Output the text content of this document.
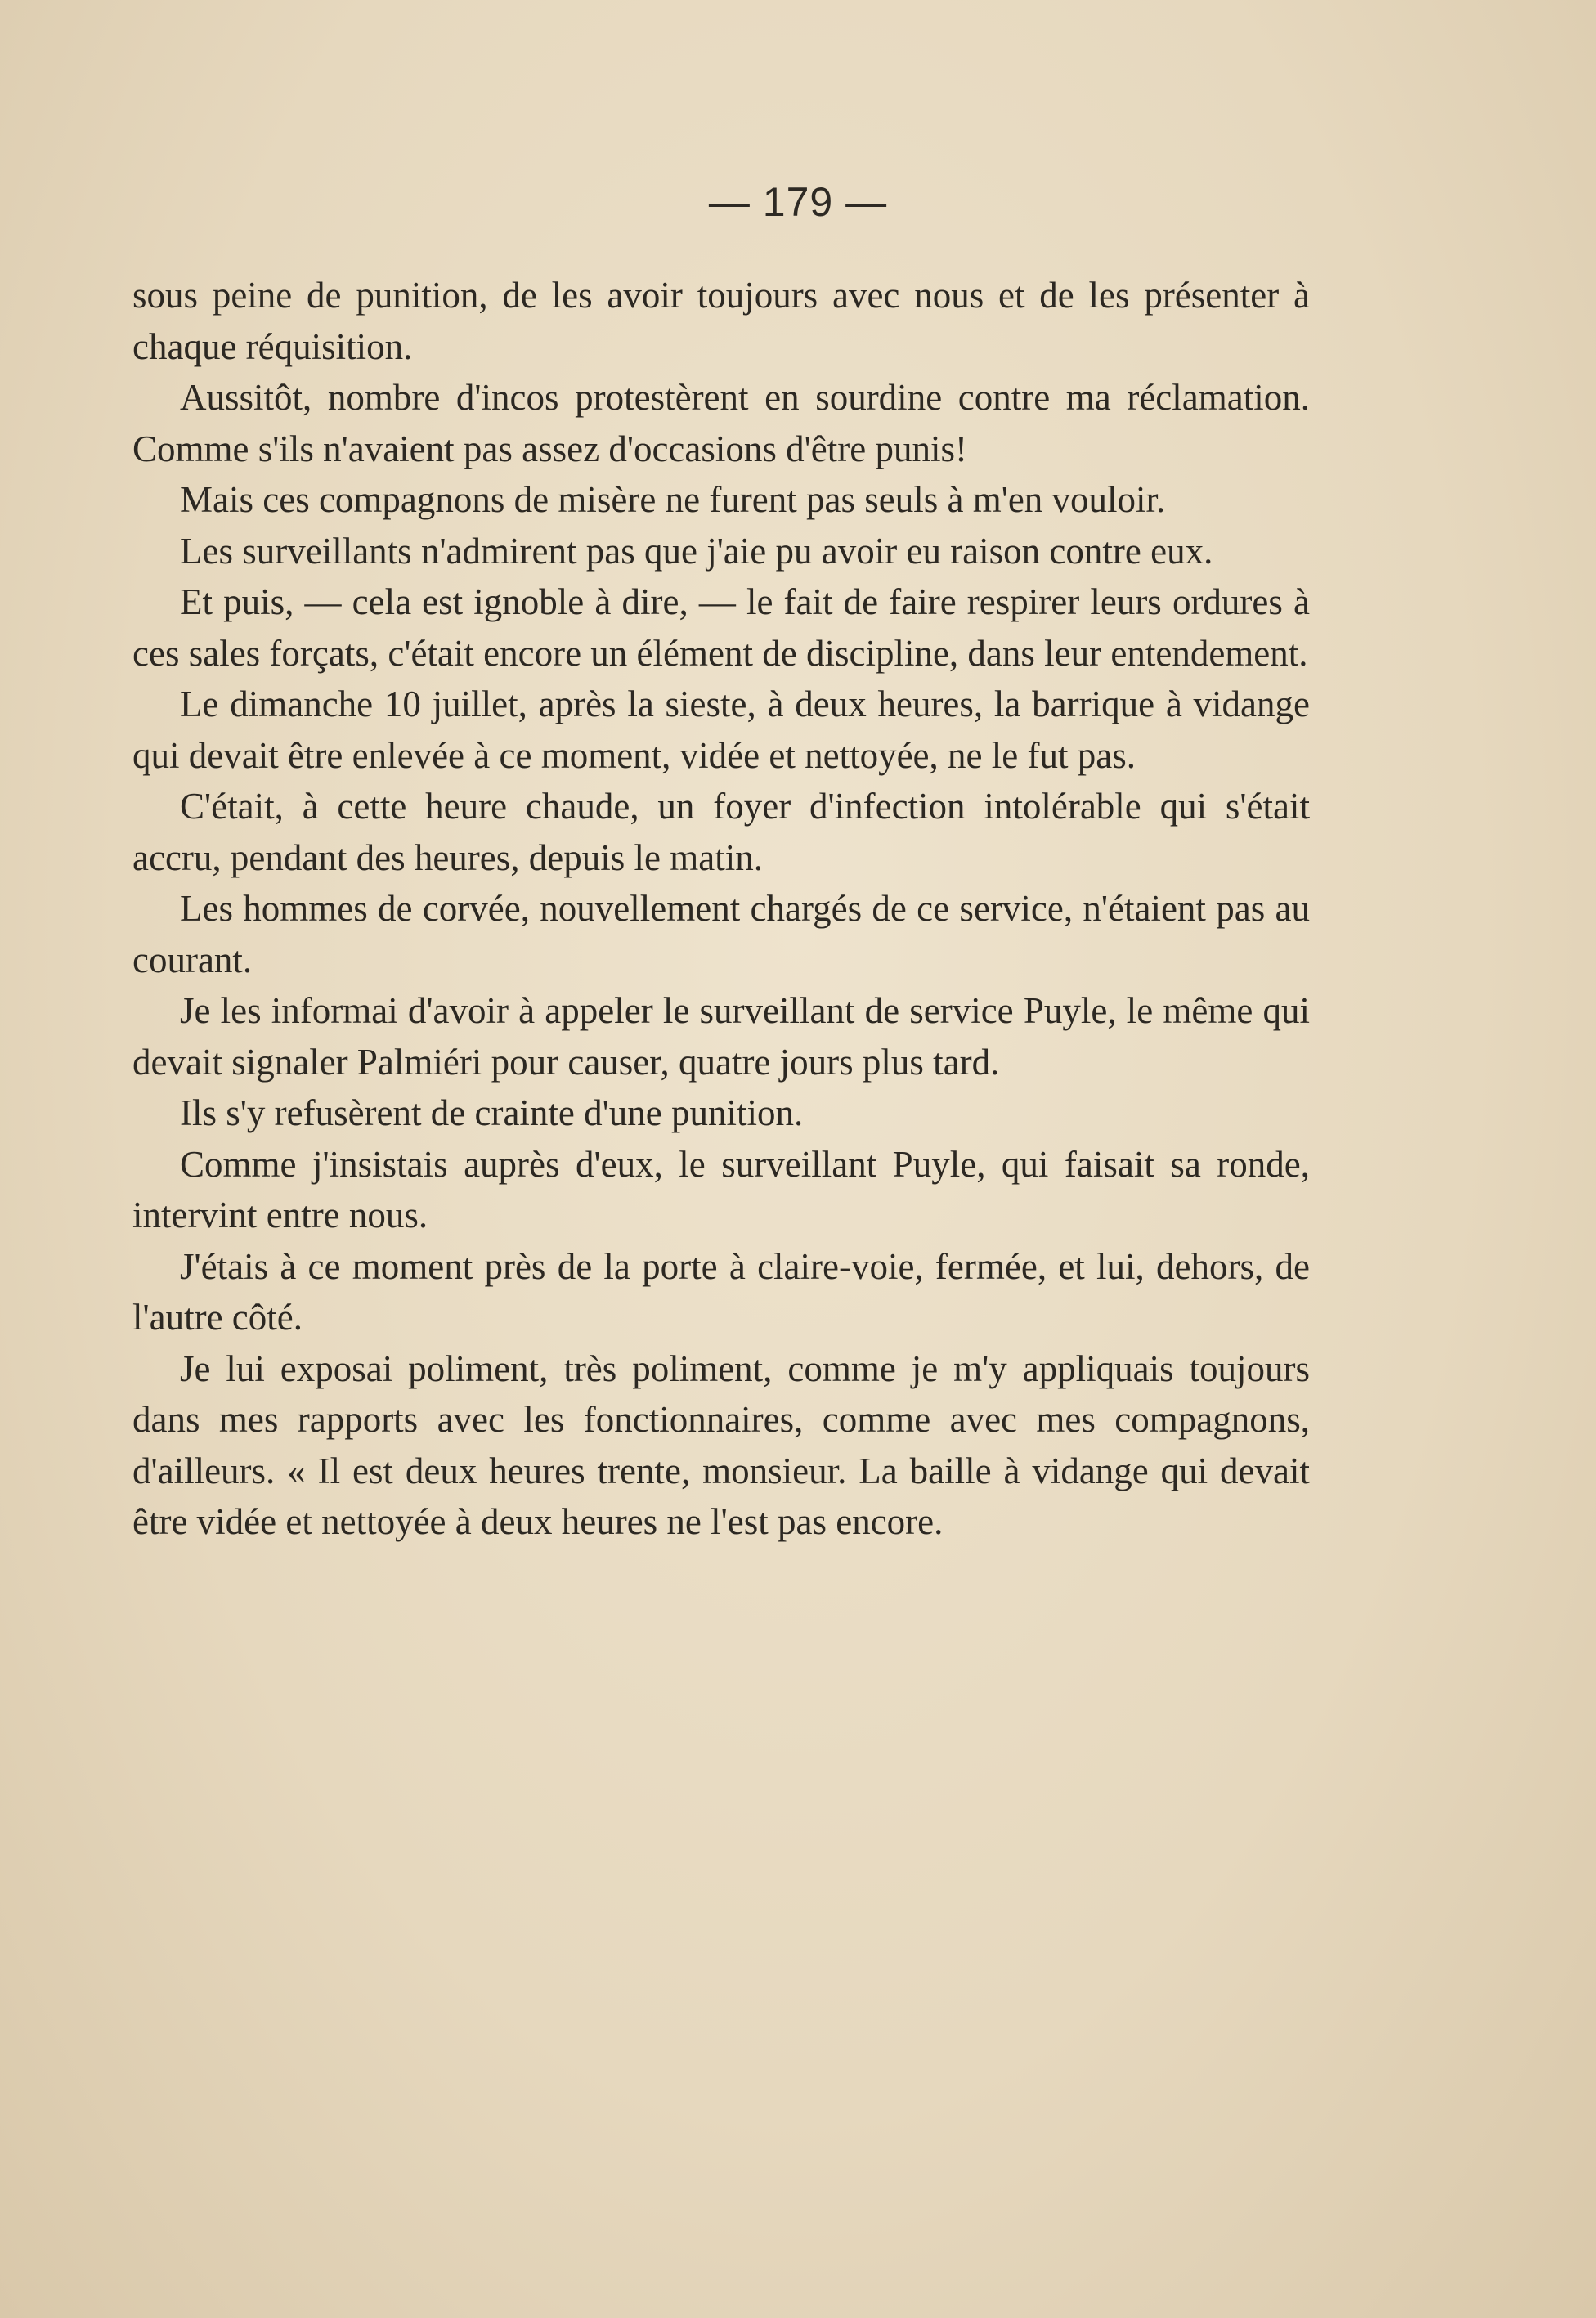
— 179 —

sous peine de punition, de les avoir toujours avec nous et de les présenter à chaque réquisition.

Aussitôt, nombre d'incos protestèrent en sourdine contre ma réclamation. Comme s'ils n'avaient pas assez d'occasions d'être punis!

Mais ces compagnons de misère ne furent pas seuls à m'en vouloir.

Les surveillants n'admirent pas que j'aie pu avoir eu raison contre eux.

Et puis, — cela est ignoble à dire, — le fait de faire respirer leurs ordures à ces sales forçats, c'était encore un élément de discipline, dans leur entendement.

Le dimanche 10 juillet, après la sieste, à deux heures, la barrique à vidange qui devait être enlevée à ce moment, vidée et nettoyée, ne le fut pas.

C'était, à cette heure chaude, un foyer d'infection intolérable qui s'était accru, pendant des heures, depuis le matin.

Les hommes de corvée, nouvellement chargés de ce service, n'étaient pas au courant.

Je les informai d'avoir à appeler le surveillant de service Puyle, le même qui devait signaler Palmiéri pour causer, quatre jours plus tard.

Ils s'y refusèrent de crainte d'une punition.

Comme j'insistais auprès d'eux, le surveillant Puyle, qui faisait sa ronde, intervint entre nous.

J'étais à ce moment près de la porte à claire-voie, fermée, et lui, dehors, de l'autre côté.

Je lui exposai poliment, très poliment, comme je m'y appliquais toujours dans mes rapports avec les fonctionnaires, comme avec mes compagnons, d'ailleurs. « Il est deux heures trente, monsieur. La baille à vidange qui devait être vidée et nettoyée à deux heures ne l'est pas encore.
